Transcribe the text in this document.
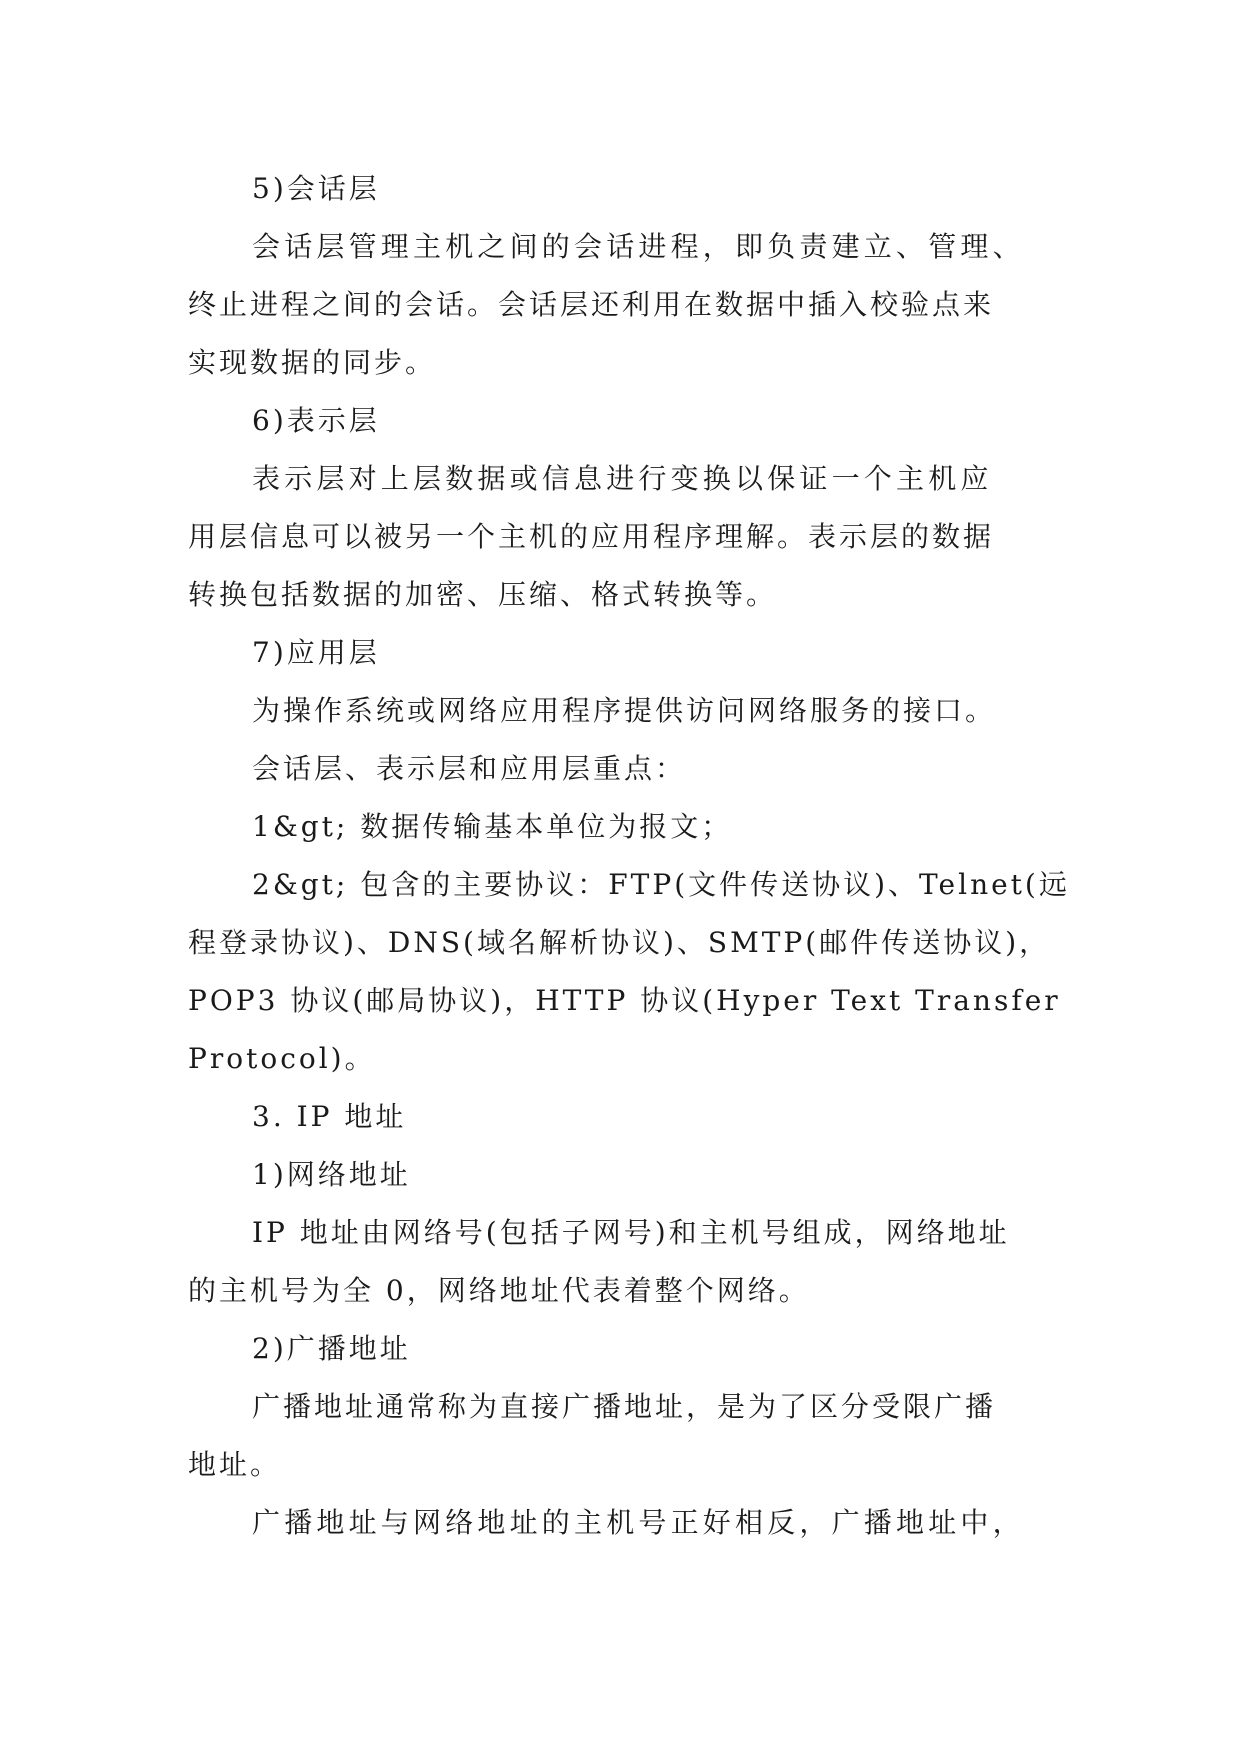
5)会话层
会话层管理主机之间的会话进程，即负责建立、管理、
终止进程之间的会话。会话层还利用在数据中插入校验点来
实现数据的同步。
6)表示层
表示层对上层数据或信息进行变换以保证一个主机应
用层信息可以被另一个主机的应用程序理解。表示层的数据
转换包括数据的加密、压缩、格式转换等。
7)应用层
为操作系统或网络应用程序提供访问网络服务的接口。
会话层、表示层和应用层重点：
1&gt; 数据传输基本单位为报文；
2&gt; 包含的主要协议：FTP(文件传送协议)、Telnet(远
程登录协议)、DNS(域名解析协议)、SMTP(邮件传送协议)，
POP3 协议(邮局协议)，HTTP 协议(Hyper Text Transfer
Protocol)。
3. IP 地址
1)网络地址
IP 地址由网络号(包括子网号)和主机号组成，网络地址
的主机号为全 0，网络地址代表着整个网络。
2)广播地址
广播地址通常称为直接广播地址，是为了区分受限广播
地址。
广播地址与网络地址的主机号正好相反，广播地址中，
